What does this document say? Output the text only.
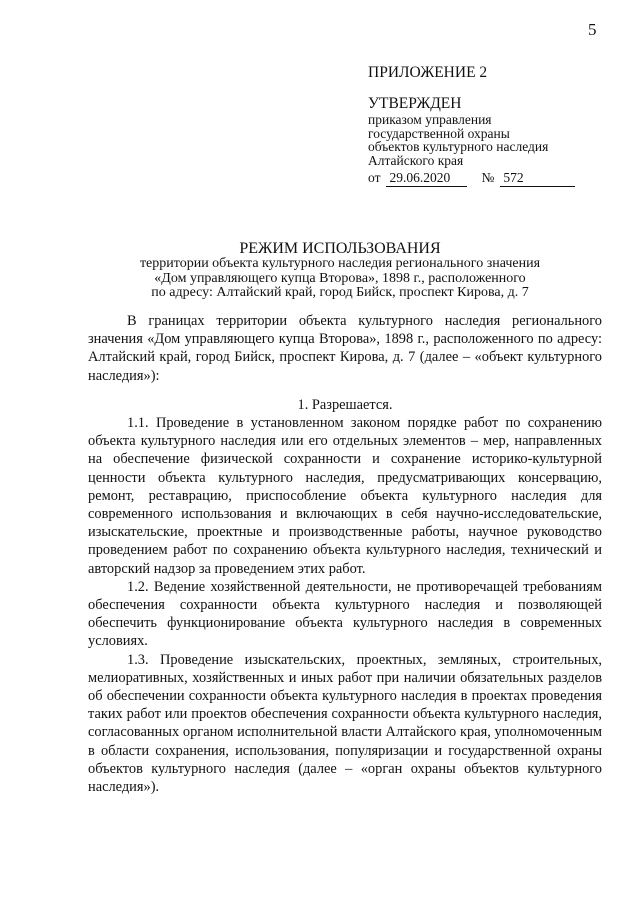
5
ПРИЛОЖЕНИЕ 2
УТВЕРЖДЕН
приказом управления
государственной охраны
объектов культурного наследия
Алтайского края
от 29.06.2020 № 572
РЕЖИМ ИСПОЛЬЗОВАНИЯ
территории объекта культурного наследия регионального значения
«Дом управляющего купца Второва», 1898 г., расположенного
по адресу: Алтайский край, город Бийск, проспект Кирова, д. 7

В границах территории объекта культурного наследия регионального значения «Дом управляющего купца Второва», 1898 г., расположенного по адресу: Алтайский край, город Бийск, проспект Кирова, д. 7 (далее – «объект культурного наследия»):

1. Разрешается.

1.1. Проведение в установленном законом порядке работ по сохранению объекта культурного наследия или его отдельных элементов – мер, направленных на обеспечение физической сохранности и сохранение историко-культурной ценности объекта культурного наследия, предусматривающих консервацию, ремонт, реставрацию, приспособление объекта культурного наследия для современного использования и включающих в себя научно-исследовательские, изыскательские, проектные и производственные работы, научное руководство проведением работ по сохранению объекта культурного наследия, технический и авторский надзор за проведением этих работ.

1.2. Ведение хозяйственной деятельности, не противоречащей требованиям обеспечения сохранности объекта культурного наследия и позволяющей обеспечить функционирование объекта культурного наследия в современных условиях.

1.3. Проведение изыскательских, проектных, земляных, строительных, мелиоративных, хозяйственных и иных работ при наличии обязательных разделов об обеспечении сохранности объекта культурного наследия в проектах проведения таких работ или проектов обеспечения сохранности объекта культурного наследия, согласованных органом исполнительной власти Алтайского края, уполномоченным в области сохранения, использования, популяризации и государственной охраны объектов культурного наследия (далее – «орган охраны объектов культурного наследия»).
